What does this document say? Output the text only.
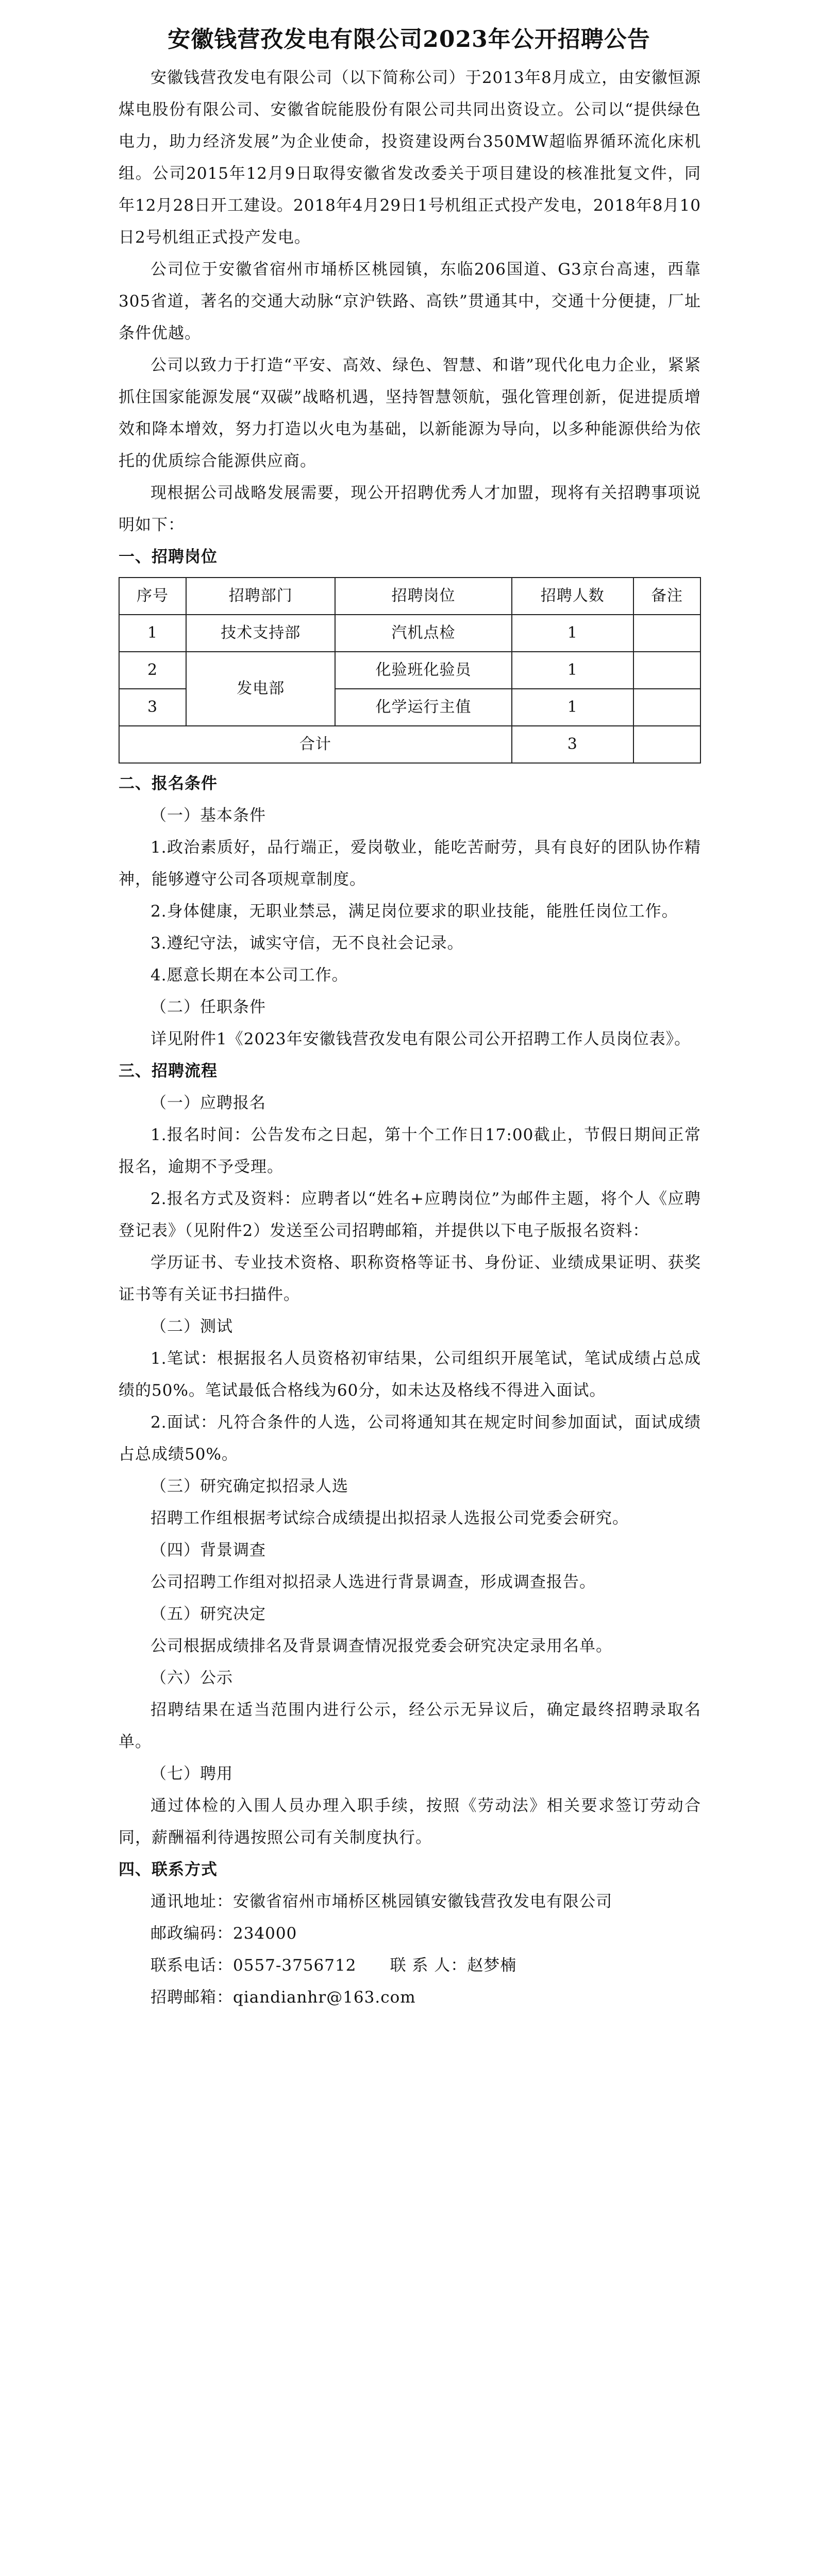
安徽钱营孜发电有限公司2023年公开招聘公告

安徽钱营孜发电有限公司（以下简称公司）于2013年8月成立，由安徽恒源煤电股份有限公司、安徽省皖能股份有限公司共同出资设立。公司以“提供绿色电力，助力经济发展”为企业使命，投资建设两台350MW超临界循环流化床机组。公司2015年12月9日取得安徽省发改委关于项目建设的核准批复文件，同年12月28日开工建设。2018年4月29日1号机组正式投产发电，2018年8月10日2号机组正式投产发电。

公司位于安徽省宿州市埇桥区桃园镇，东临206国道、G3京台高速，西靠305省道，著名的交通大动脉“京沪铁路、高铁”贯通其中，交通十分便捷，厂址条件优越。

公司以致力于打造“平安、高效、绿色、智慧、和谐”现代化电力企业，紧紧抓住国家能源发展“双碳”战略机遇，坚持智慧领航，强化管理创新，促进提质增效和降本增效，努力打造以火电为基础，以新能源为导向，以多种能源供给为依托的优质综合能源供应商。

现根据公司战略发展需要，现公开招聘优秀人才加盟，现将有关招聘事项说明如下：

一、招聘岗位

序号	招聘部门	招聘岗位	招聘人数	备注
1	技术支持部	汽机点检	1	
2	发电部	化验班化验员	1	
3		化学运行主值	1	
合计			3	

二、报名条件

（一）基本条件

1.政治素质好，品行端正，爱岗敬业，能吃苦耐劳，具有良好的团队协作精神，能够遵守公司各项规章制度。

2.身体健康，无职业禁忌，满足岗位要求的职业技能，能胜任岗位工作。

3.遵纪守法，诚实守信，无不良社会记录。

4.愿意长期在本公司工作。

（二）任职条件

详见附件1《2023年安徽钱营孜发电有限公司公开招聘工作人员岗位表》。

三、招聘流程

（一）应聘报名

1.报名时间：公告发布之日起，第十个工作日17:00截止，节假日期间正常报名，逾期不予受理。

2.报名方式及资料：应聘者以“姓名+应聘岗位”为邮件主题，将个人《应聘登记表》（见附件2）发送至公司招聘邮箱，并提供以下电子版报名资料：

学历证书、专业技术资格、职称资格等证书、身份证、业绩成果证明、获奖证书等有关证书扫描件。

（二）测试

1.笔试：根据报名人员资格初审结果，公司组织开展笔试，笔试成绩占总成绩的50%。笔试最低合格线为60分，如未达及格线不得进入面试。

2.面试：凡符合条件的人选，公司将通知其在规定时间参加面试，面试成绩占总成绩50%。

（三）研究确定拟招录人选

招聘工作组根据考试综合成绩提出拟招录人选报公司党委会研究。

（四）背景调查

公司招聘工作组对拟招录人选进行背景调查，形成调查报告。

（五）研究决定

公司根据成绩排名及背景调查情况报党委会研究决定录用名单。

（六）公示

招聘结果在适当范围内进行公示，经公示无异议后，确定最终招聘录取名单。

（七）聘用

通过体检的入围人员办理入职手续，按照《劳动法》相关要求签订劳动合同，薪酬福利待遇按照公司有关制度执行。

四、联系方式

通讯地址：安徽省宿州市埇桥区桃园镇安徽钱营孜发电有限公司

邮政编码：234000

联系电话：0557-3756712 联 系 人：赵梦楠

招聘邮箱：qiandianhr@163.com
